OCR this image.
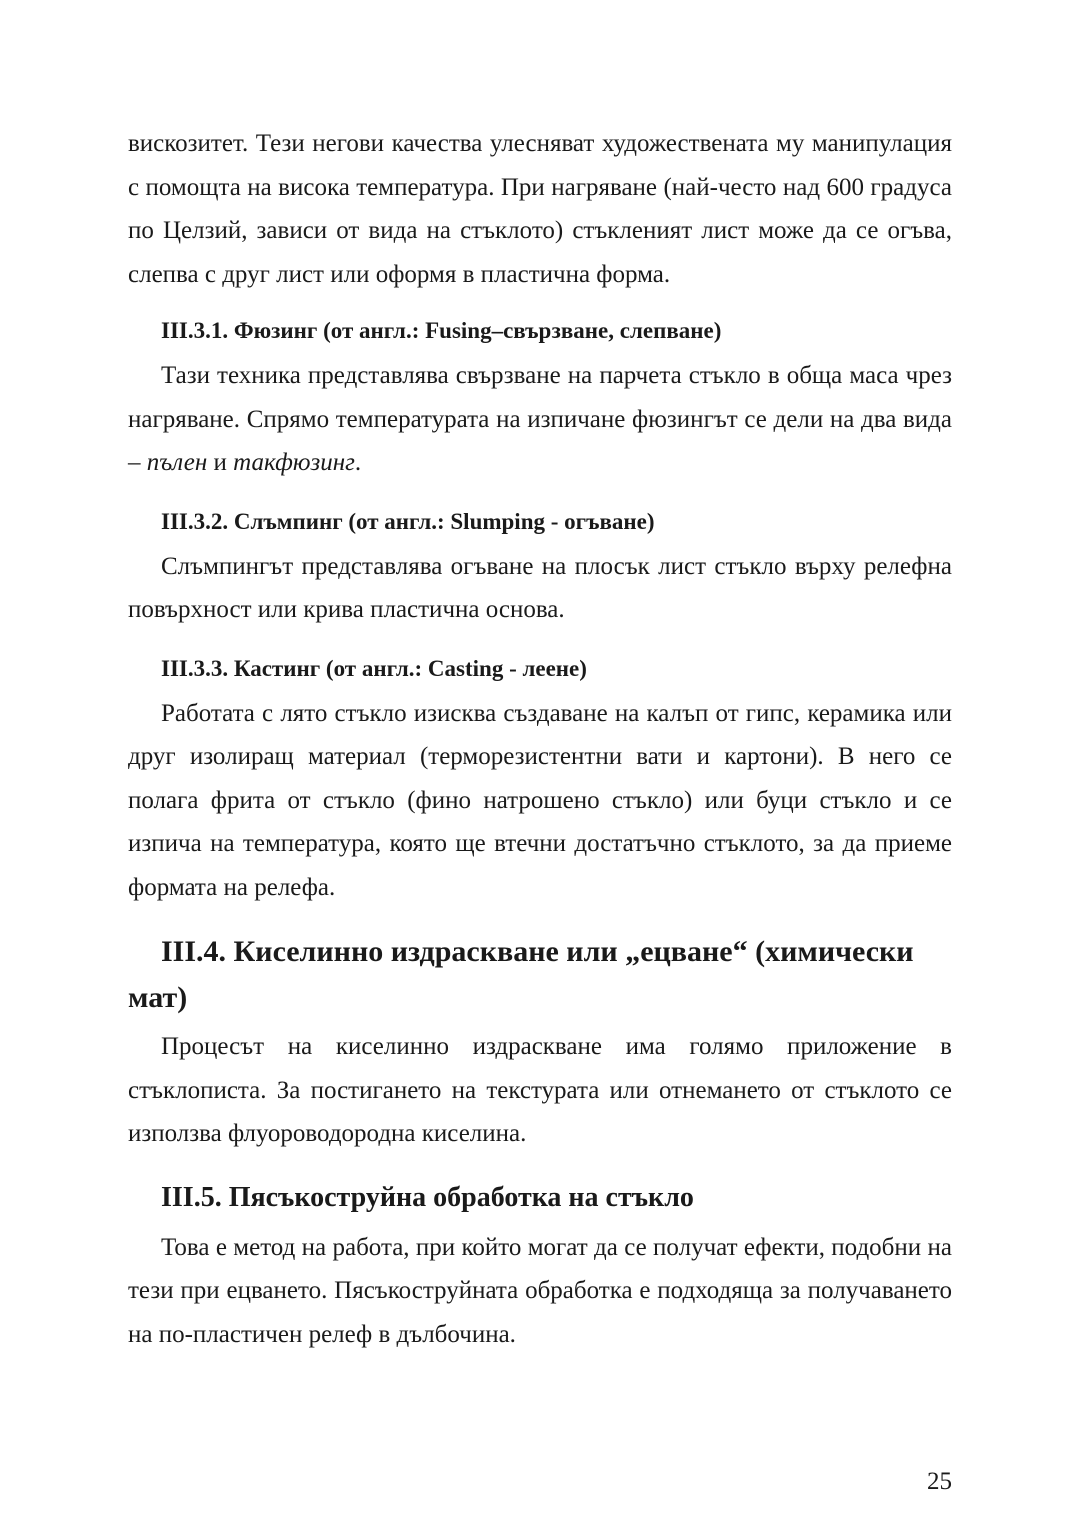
вискозитет. Тези негови качества улесняват художествената му манипулация с помощта на висока температура. При нагряване (най-често над 600 градуса по Целзий, зависи от вида на стъклото) стъкленият лист може да се огъва, слепва с друг лист или оформя в пластична форма.

III.3.1. Фюзинг (от англ.: Fusing–свързване, слепване)

Тази техника представлява свързване на парчета стъкло в обща маса чрез нагряване. Спрямо температурата на изпичане фюзингът се дели на два вида – пълен и такфюзинг.

III.3.2. Слъмпинг (от англ.: Slumping - огъване)

Слъмпингът представлява огъване на плосък лист стъкло върху релефна повърхност или крива пластична основа.

III.3.3. Кастинг (от англ.: Casting - леене)

Работата с лято стъкло изисква създаване на калъп от гипс, керамика или друг изолиращ материал (терморезистентни вати и картони). В него се полага фрита от стъкло (фино натрошено стъкло) или буци стъкло и се изпича на температура, която ще втечни достатъчно стъклото, за да приеме формата на релефа.

III.4. Киселинно издраскване или „ецване“ (химически
мат)

Процесът на киселинно издраскване има голямо приложение в стъклописта. За постигането на текстурата или отнемането от стъклото се използва флуороводородна киселина.

III.5. Пясъкоструйна обработка на стъкло

Това е метод на работа, при който могат да се получат ефекти, подобни на тези при ецването. Пясъкоструйната обработка е подходяща за получаването на по-пластичен релеф в дълбочина.

25
